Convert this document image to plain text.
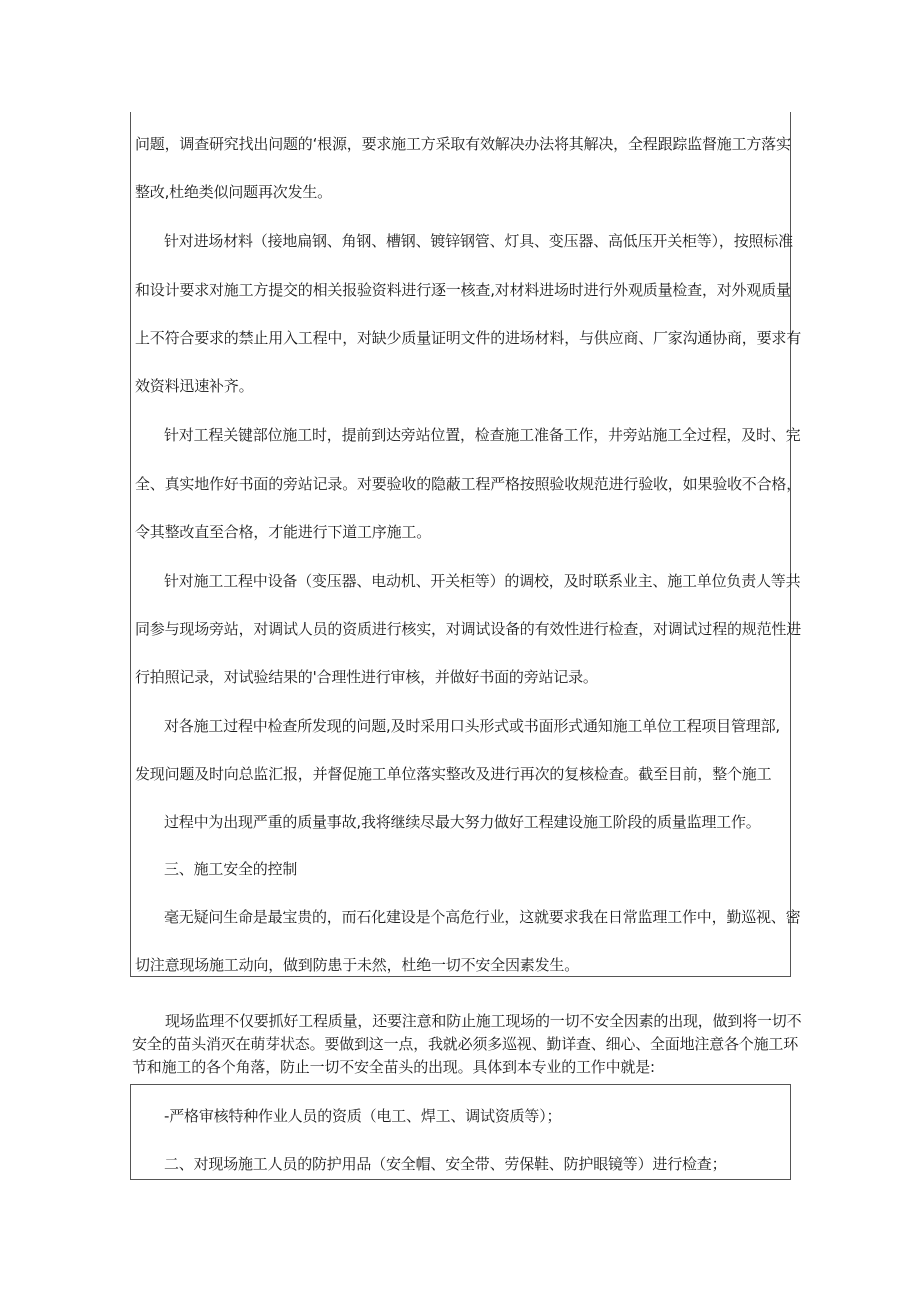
问题，调查研究找出问题的‘根源，要求施工方采取有效解决办法将其解决，全程跟踪监督施工方落实
整改,杜绝类似问题再次发生。
针对进场材料（接地扁钢、角钢、槽钢、镀锌钢管、灯具、变压器、高低压开关柜等），按照标准
和设计要求对施工方提交的相关报验资料进行逐一核查,对材料进场时进行外观质量检查，对外观质量
上不符合要求的禁止用入工程中，对缺少质量证明文件的进场材料，与供应商、厂家沟通协商，要求有
效资料迅速补齐。
针对工程关键部位施工时，提前到达旁站位置，检查施工准备工作，井旁站施工全过程，及时、完
全、真实地作好书面的旁站记录。对要验收的隐蔽工程严格按照验收规范进行验收，如果验收不合格，
令其整改直至合格，才能进行下道工序施工。
针对施工工程中设备（变压器、电动机、开关柜等）的调校，及时联系业主、施工单位负责人等共
同参与现场旁站，对调试人员的资质进行核实，对调试设备的有效性进行检查，对调试过程的规范性进
行拍照记录，对试验结果的'合理性进行审核，并做好书面的旁站记录。
对各施工过程中检查所发现的问题,及时采用口头形式或书面形式通知施工单位工程项目管理部,
发现问题及时向总监汇报，并督促施工单位落实整改及进行再次的复核检查。截至目前，整个施工
过程中为出现严重的质量事故,我将继续尽最大努力做好工程建设施工阶段的质量监理工作。
三、施工安全的控制
毫无疑问生命是最宝贵的，而石化建设是个高危行业，这就要求我在日常监理工作中，勤巡视、密
切注意现场施工动向，做到防患于未然，杜绝一切不安全因素发生。
现场监理不仅要抓好工程质量，还要注意和防止施工现场的一切不安全因素的出现，做到将一切不
安全的苗头消灭在萌芽状态。要做到这一点，我就必须多巡视、勤详查、细心、全面地注意各个施工环
节和施工的各个角落，防止一切不安全苗头的出现。具体到本专业的工作中就是:
-严格审核特种作业人员的资质（电工、焊工、调试资质等）；
二、对现场施工人员的防护用品（安全帽、安全带、劳保鞋、防护眼镜等）进行检查；
